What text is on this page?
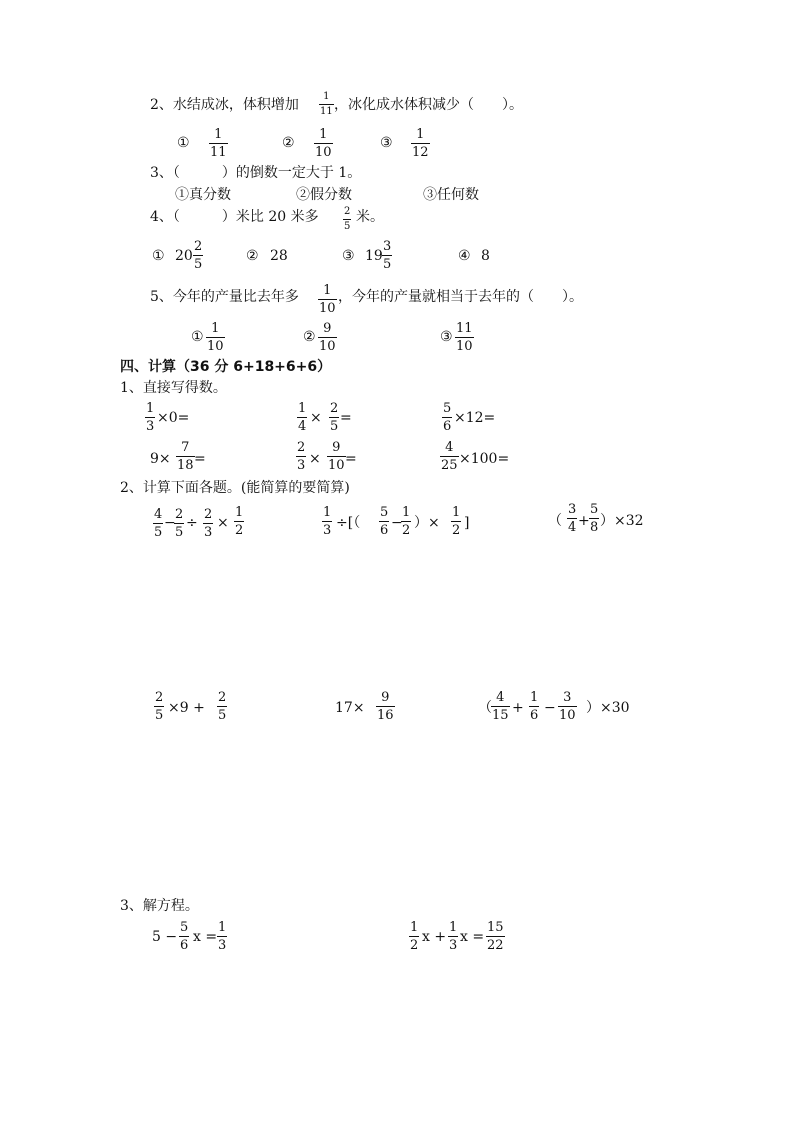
2、水结成冰，体积增加
1
11 ，冰化成水体积减少（　　）。
①
1
11
②
1
10
③
1
12
3、（　　　）的倒数一定大于 1。
①真分数	②假分数	③任何数
4、（　　　）米比 20 米多	2
5
米。
① 20
2
5
② 28	③ 19
3
5
④ 8
5、今年的产量比去年多 1
10
，今年的产量就相当于去年的（　　）。
①
1
10
②
9
10
③
11
10
四、计算（36 分 6+18+6+6）
1、直接写得数。
1
3
×0=
1
4
×
2
5
=
5
6
×12=
9×
7
18 =
2
3 ×
9
10 =
4
25 ×100=
2、计算下面各题。(能简算的要简算)
4
5
−
2
5
÷
2
3
×
1
2
1
3 ÷[（
5
6 −
1
2 ）×
1
2 ]	（
3
4 +
5
8 ）×32
2
5 ×9 +
2
5	17×
9
16	（
4
15 +
1
6 −
3
10 ）×30
3、解方程。
5 −
5
6
x =
1
3
1
2
x +
1
3
x =
15
22
